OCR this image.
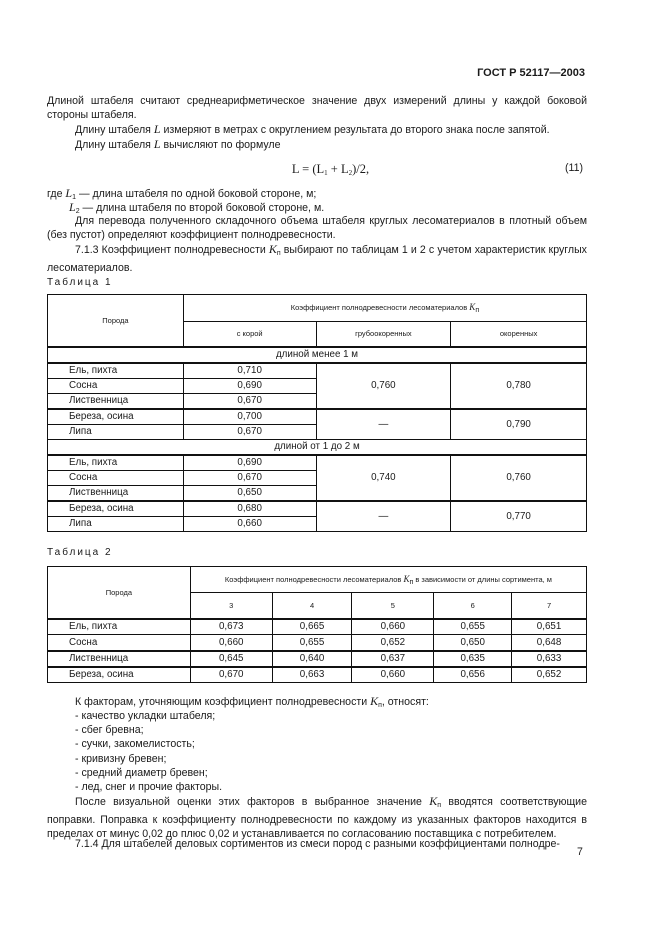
ГОСТ Р 52117—2003
Длиной штабеля считают среднеарифметическое значение двух измерений длины у каждой боковой стороны штабеля.
Длину штабеля L измеряют в метрах с округлением результата до второго знака после запятой.
Длину штабеля L вычисляют по формуле
$L = (L_1 + L_2)/2$,	(11)
где $L_1$ — длина штабеля по одной боковой стороне, м;
$L_2$ — длина штабеля по второй боковой стороне, м.
Для перевода полученного складочного объема штабеля круглых лесоматериалов в плотный объем (без пустот) определяют коэффициент полнодревесности.
7.1.3 Коэффициент полнодревесности $K_п$ выбирают по таблицам 1 и 2 с учетом характеристик круглых лесоматериалов.
Таблица 1
Порода	Коэффициент полнодревесности лесоматериалов $K_п$
	с корой	грубоокоренных	окоренных
длиной менее 1 м			
Ель, пихта	0,710	0,760	0,780
Сосна	0,690		
Лиственница	0,670		
Береза, осина	0,700	—	0,790
Липа	0,670		
длиной от 1 до 2 м			
Ель, пихта	0,690	0,740	0,760
Сосна	0,670		
Лиственница	0,650		
Береза, осина	0,680	—	0,770
Липа	0,660		
Таблица 2
Порода	Коэффициент полнодревесности лесоматериалов $K_п$ в зависимости от длины сортимента, м				
	3	4	5	6	7
Ель, пихта	0,673	0,665	0,660	0,655	0,651
Сосна	0,660	0,655	0,652	0,650	0,648
Лиственница	0,645	0,640	0,637	0,635	0,633
Береза, осина	0,670	0,663	0,660	0,656	0,652
К факторам, уточняющим коэффициент полнодревесности $K_п$, относят:
- качество укладки штабеля;
- сбег бревна;
- сучки, закомелистость;
- кривизну бревен;
- средний диаметр бревен;
- лед, снег и прочие факторы.
После визуальной оценки этих факторов в выбранное значение $K_п$ вводятся соответствующие поправки. Поправка к коэффициенту полнодревесности по каждому из указанных факторов находится в пределах от минус 0,02 до плюс 0,02 и устанавливается по согласованию поставщика с потребителем.
7.1.4 Для штабелей деловых сортиментов из смеси пород с разными коэффициентами полнодре-
7
